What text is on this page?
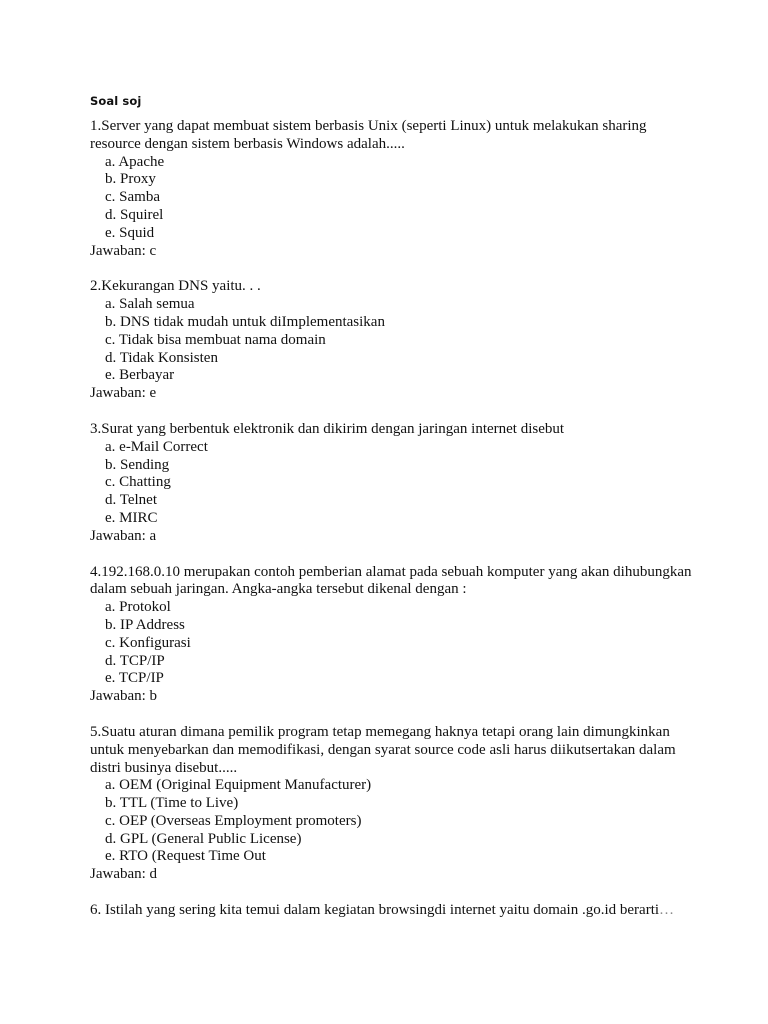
Soal soj

1.Server yang dapat membuat sistem berbasis Unix (seperti Linux) untuk melakukan sharing resource dengan sistem berbasis Windows adalah.....

a. Apache
b. Proxy
c. Samba
d. Squirel
e. Squid

Jawaban: c

2.Kekurangan DNS yaitu. . .

a. Salah semua
b. DNS tidak mudah untuk diImplementasikan
c. Tidak bisa membuat nama domain
d. Tidak Konsisten
e. Berbayar

Jawaban: e

3.Surat yang berbentuk elektronik dan dikirim dengan jaringan internet disebut

a. e-Mail Correct
b. Sending
c. Chatting
d. Telnet
e. MIRC

Jawaban: a

4.192.168.0.10 merupakan contoh pemberian alamat pada sebuah komputer yang akan dihubungkan dalam sebuah jaringan. Angka-angka tersebut dikenal dengan :

a. Protokol
b. IP Address
c. Konfigurasi
d. TCP/IP
e. TCP/IP

Jawaban: b

5.Suatu aturan dimana pemilik program tetap memegang haknya tetapi orang lain dimungkinkan untuk menyebarkan dan memodifikasi, dengan syarat source code asli harus diikutsertakan dalam distri businya disebut.....

a. OEM (Original Equipment Manufacturer)
b. TTL (Time to Live)
c. OEP (Overseas Employment promoters)
d. GPL (General Public License)
e. RTO (Request Time Out

Jawaban: d

6. Istilah yang sering kita temui dalam kegiatan browsingdi internet yaitu domain .go.id berarti…
